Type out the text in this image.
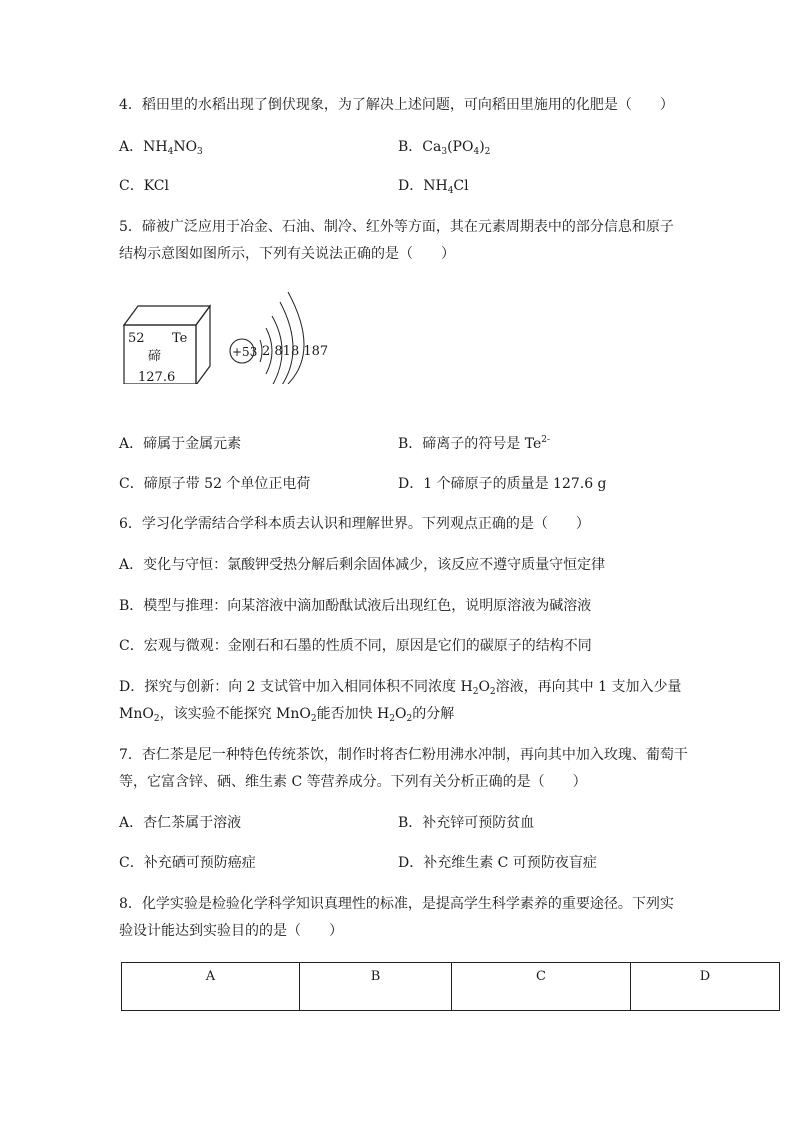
4．稻田里的水稻出现了倒伏现象，为了解决上述问题，可向稻田里施用的化肥是（　　）
A．$NH_4NO_3$	B．$Ca_3(PO_4)_2$
C．KCl	D．$NH_4Cl$
5．碲被广泛应用于冶金、石油、制冷、红外等方面，其在元素周期表中的部分信息和原子
结构示意图如图所示，下列有关说法正确的是（　　）
52 Te
碲
127.6
+53 2 818 187
A．碲属于金属元素	B．碲离子的符号是 $Te^{2-}$
C．碲原子带 52 个单位正电荷	D．1 个碲原子的质量是 127.6 g
6．学习化学需结合学科本质去认识和理解世界。下列观点正确的是（　　）
A．变化与守恒：氯酸钾受热分解后剩余固体减少，该反应不遵守质量守恒定律
B．模型与推理：向某溶液中滴加酚酞试液后出现红色，说明原溶液为碱溶液
C．宏观与微观：金刚石和石墨的性质不同，原因是它们的碳原子的结构不同
D．探究与创新：向 2 支试管中加入相同体积不同浓度 $H_2O_2$溶液，再向其中 1 支加入少量
MnO$_2$，该实验不能探究 MnO$_2$能否加快 $H_2O_2$的分解
7．杏仁茶是尼一种特色传统茶饮，制作时将杏仁粉用沸水冲制，再向其中加入玫瑰、葡萄干
等，它富含锌、硒、维生素 C 等营养成分。下列有关分析正确的是（　　）
A．杏仁茶属于溶液	B．补充锌可预防贫血
C．补充硒可预防癌症	D．补充维生素 C 可预防夜盲症
8．化学实验是检验化学科学知识真理性的标准，是提高学生科学素养的重要途径。下列实
验设计能达到实验目的的是（　　）
A	B	C	D
